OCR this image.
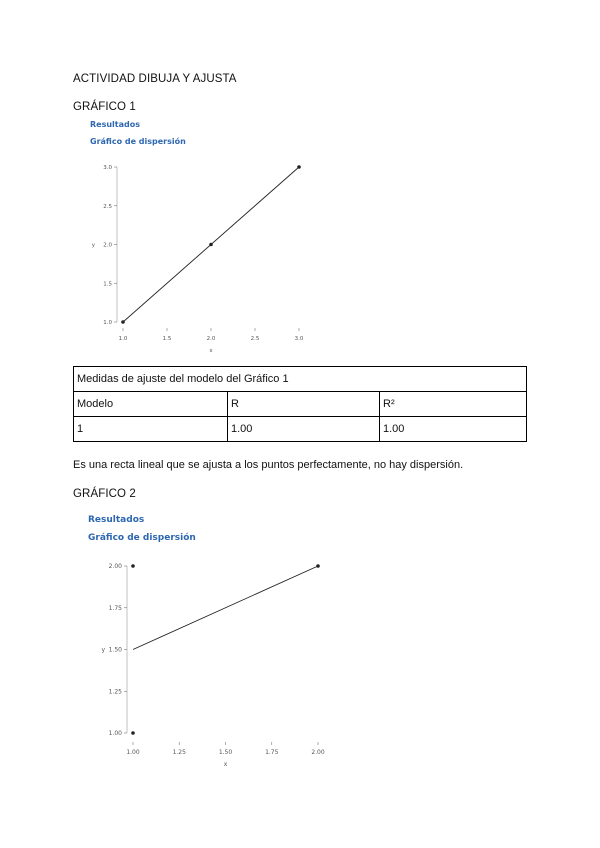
ACTIVIDAD DIBUJA Y AJUSTA
GRÁFICO 1
Resultados
Gráfico de dispersión
1.0
1.5
2.0
2.5
3.0
1.0	1.5	2.0	2.5	3.0
x
y
Medidas de ajuste del modelo del Gráfico 1		
Modelo	R	R²
1	1.00	1.00
Es una recta lineal que se ajusta a los puntos perfectamente, no hay dispersión.
GRÁFICO 2
Resultados
Gráfico de dispersión
1.00
1.25
1.50
1.75
2.00
1.00	1.25	1.50	1.75	2.00
x
y
